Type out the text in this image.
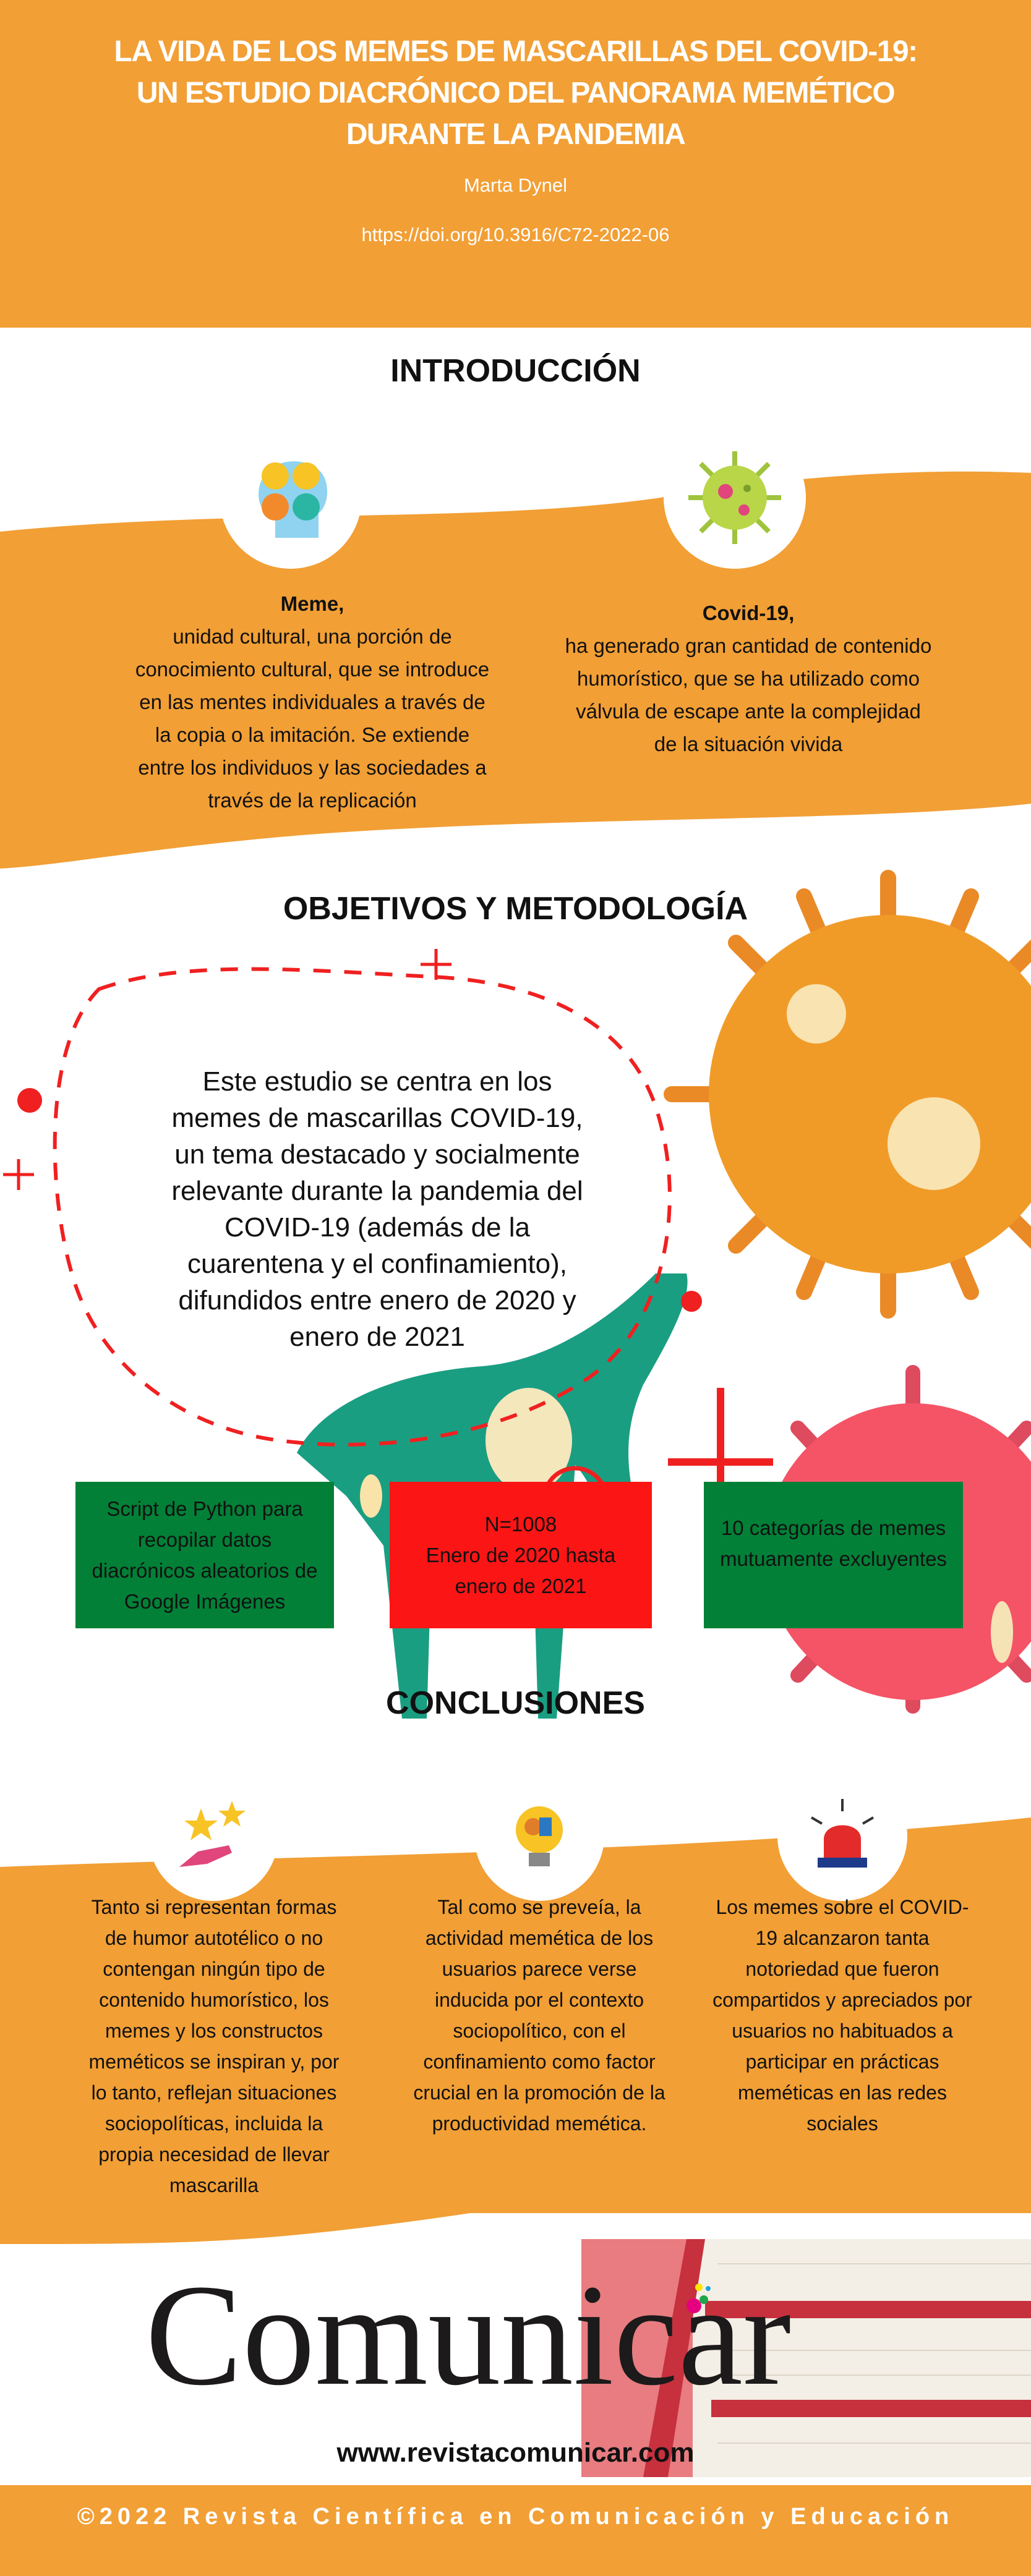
LA VIDA DE LOS MEMES DE MASCARILLAS DEL COVID-19:
UN ESTUDIO DIACRÓNICO DEL PANORAMA MEMÉTICO
DURANTE LA PANDEMIA
Marta Dynel
https://doi.org/10.3916/C72-2022-06
INTRODUCCIÓN
Meme,
unidad cultural, una porción de conocimiento cultural, que se introduce en las mentes individuales a través de la copia o la imitación. Se extiende entre los individuos y las sociedades a través de la replicación
Covid-19,
ha generado gran cantidad de contenido humorístico, que se ha utilizado como válvula de escape ante la complejidad de la situación vivida
OBJETIVOS Y METODOLOGÍA
Este estudio se centra en los memes de mascarillas COVID-19, un tema destacado y socialmente relevante durante la pandemia del COVID-19 (además de la cuarentena y el confinamiento), difundidos entre enero de 2020 y enero de 2021
Script de Python para recopilar datos diacrónicos aleatorios de Google Imágenes
N=1008
Enero de 2020 hasta enero de 2021
10 categorías de memes mutuamente excluyentes
CONCLUSIONES
Tanto si representan formas de humor autotélico o no contengan ningún tipo de contenido humorístico, los memes y los constructos meméticos se inspiran y, por lo tanto, reflejan situaciones sociopolíticas, incluida la propia necesidad de llevar mascarilla
Tal como se preveía, la actividad memética de los usuarios parece verse inducida por el contexto sociopolítico, con el confinamiento como factor crucial en la promoción de la productividad memética.
Los memes sobre el COVID-19 alcanzaron tanta notoriedad que fueron compartidos y apreciados por usuarios no habituados a participar en prácticas meméticas en las redes sociales
Comunicar
www.revistacomunicar.com
©2022 Revista Científica en Comunicación y Educación
